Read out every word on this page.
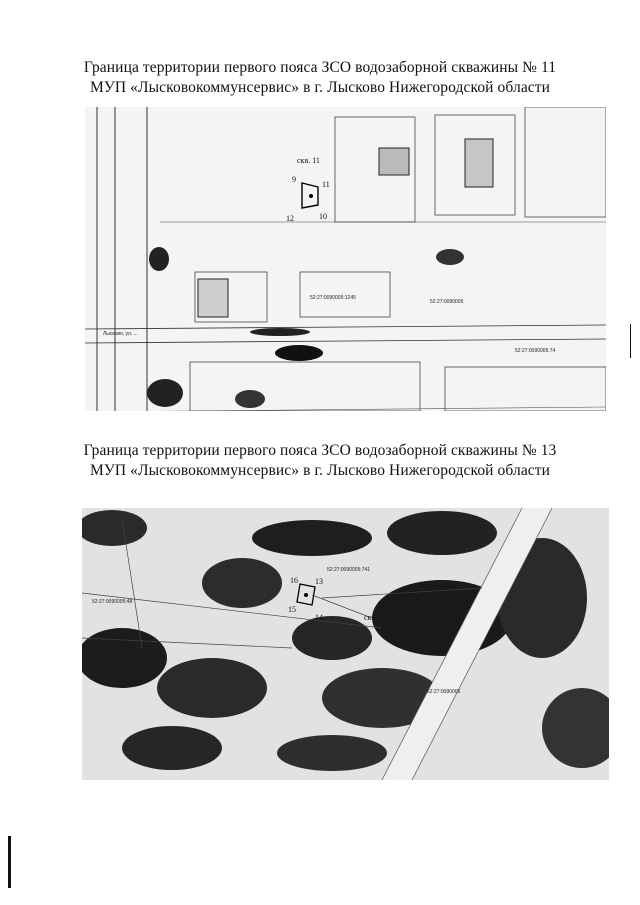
Граница территории первого пояса ЗСО водозаборной скважины № 11
МУП «Лысковокоммунсервис» в г. Лысково Нижегородской области
скв. 11
9
10
11
12
52:27:0090005
52:27:0090005:1245
52:27:0090005:74
Лысково, ул. ...
Граница территории первого пояса ЗСО водозаборной скважины № 13
МУП «Лысковокоммунсервис» в г. Лысково Нижегородской области
скв. 13
13
14
15
16
52:27:0090005
52:27:0090005:741
52:27:0090005:48
